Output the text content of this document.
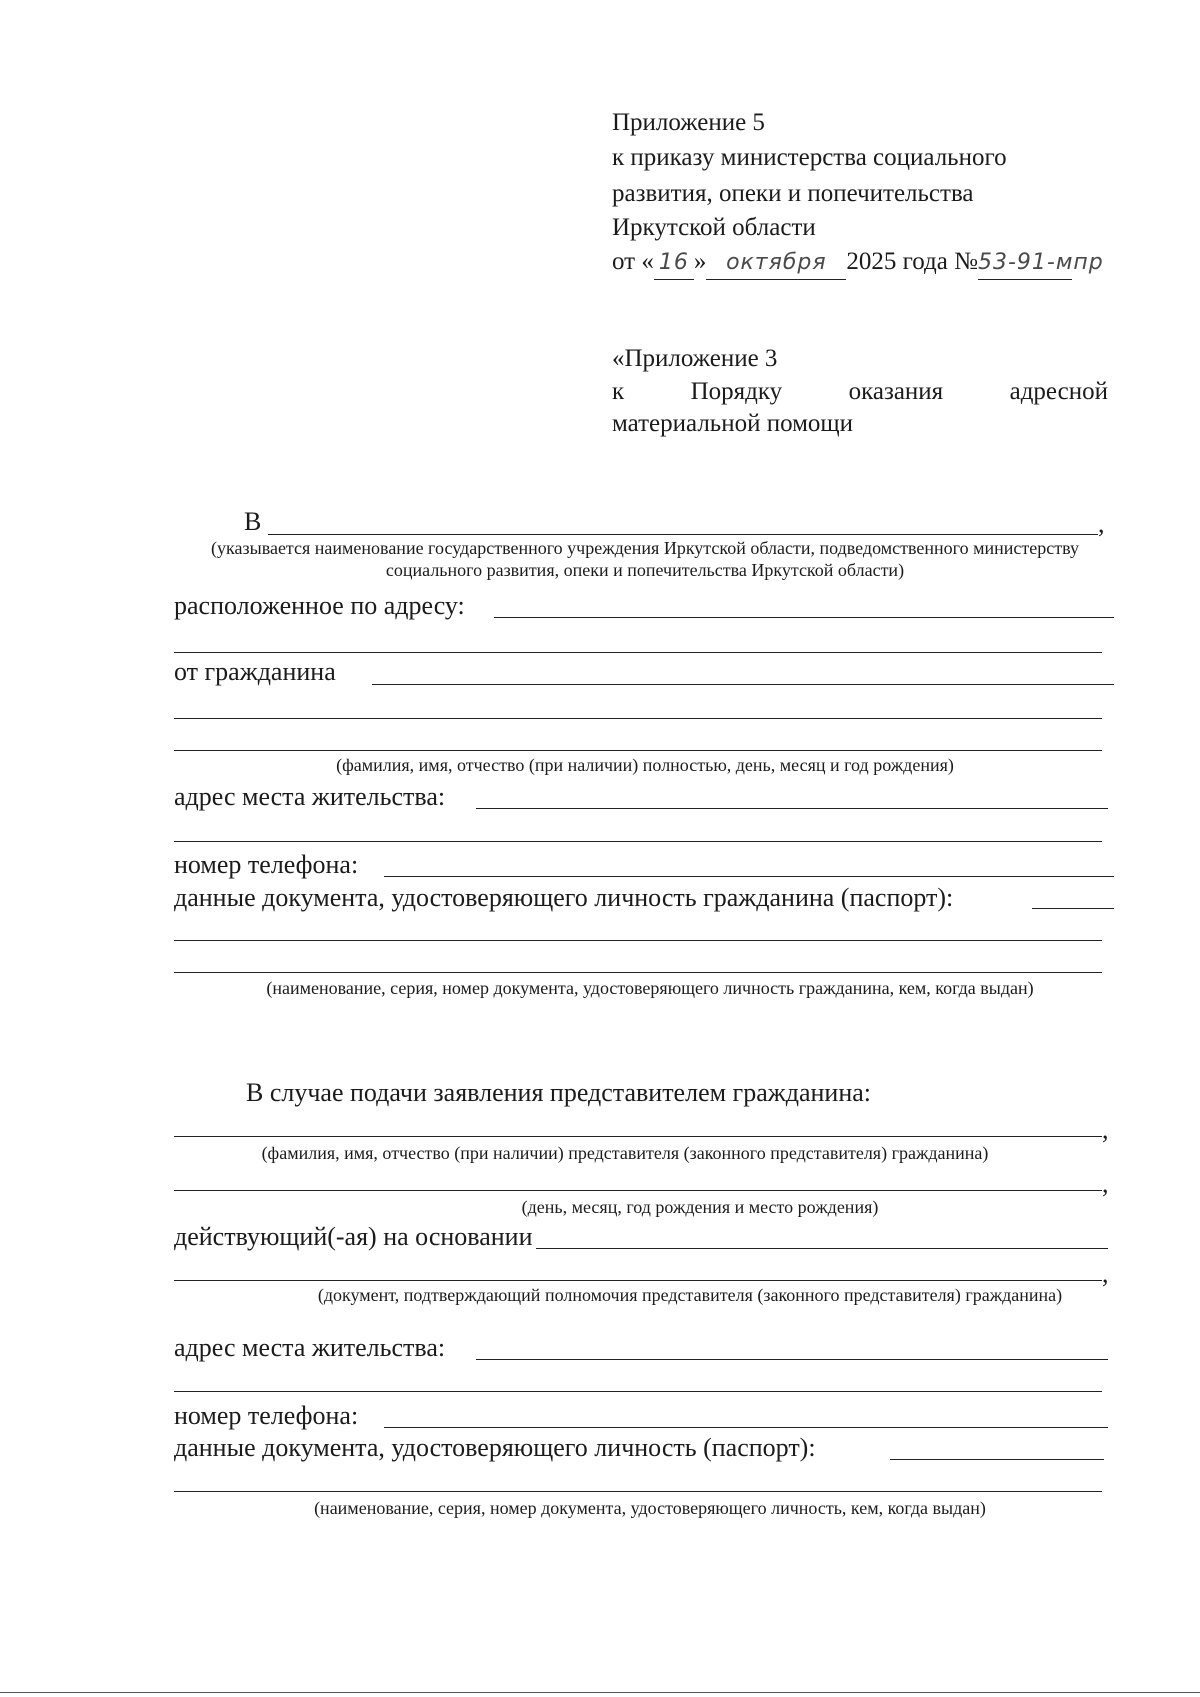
Приложение 5
к приказу министерства социального
развития, опеки и попечительства
Иркутской области
от « 16 » октября 2025 года №53-91-мпр
«Приложение 3
к	Порядку	оказания	адресной
материальной помощи
В	,
(указывается наименование государственного учреждения Иркутской области, подведомственного министерству социального развития, опеки и попечительства Иркутской области)
расположенное по адресу:
от гражданина
(фамилия, имя, отчество (при наличии) полностью, день, месяц и год рождения)
адрес места жительства:
номер телефона:
данные документа, удостоверяющего личность гражданина (паспорт):
(наименование, серия, номер документа, удостоверяющего личность гражданина, кем, когда выдан)
В случае подачи заявления представителем гражданина:
,
(фамилия, имя, отчество (при наличии) представителя (законного представителя) гражданина)
,
(день, месяц, год рождения и место рождения)
действующий(-ая) на основании
,
(документ, подтверждающий полномочия представителя (законного представителя) гражданина)
адрес места жительства:
номер телефона:
данные документа, удостоверяющего личность (паспорт):
(наименование, серия, номер документа, удостоверяющего личность, кем, когда выдан)
